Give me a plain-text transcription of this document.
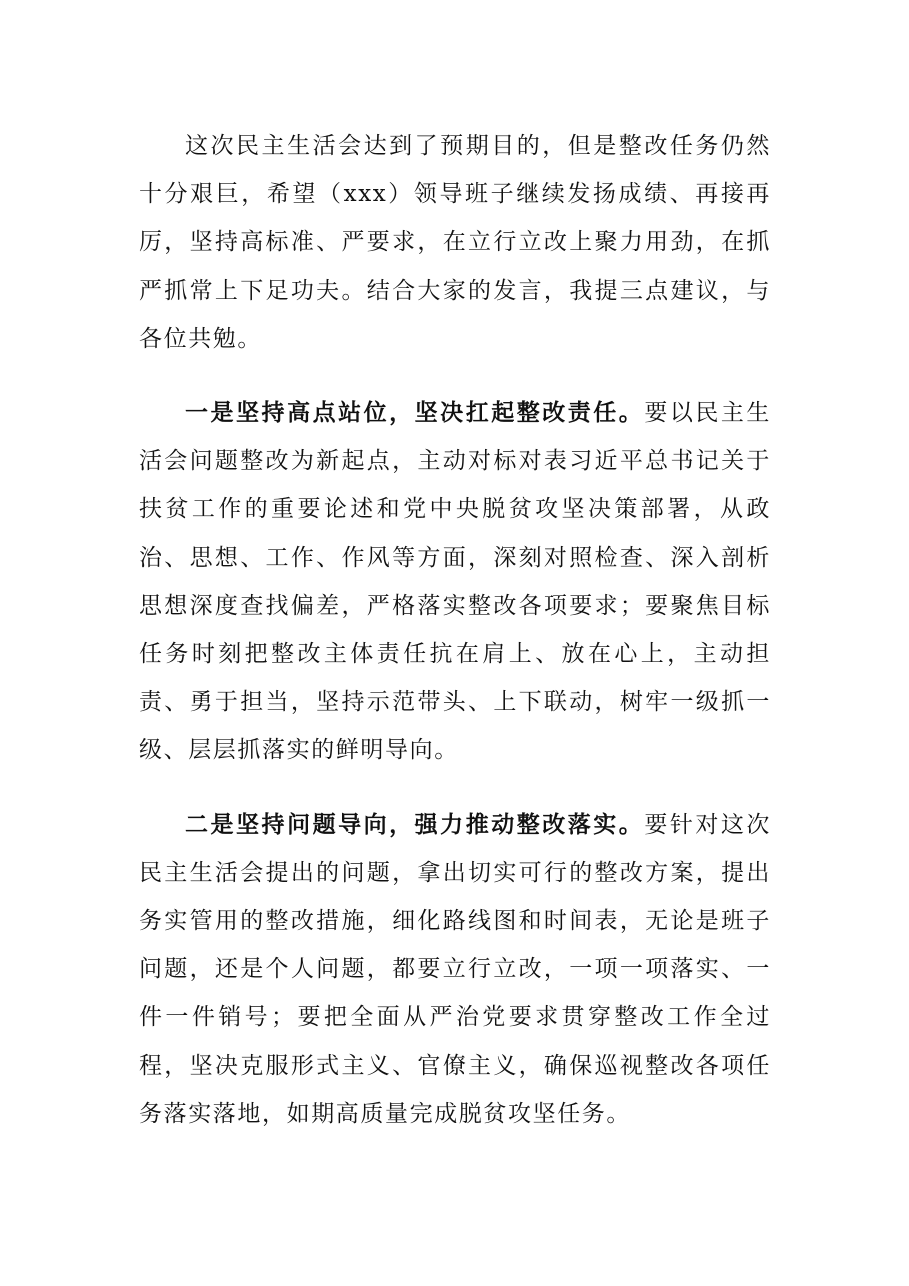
这次民主生活会达到了预期目的，但是整改任务仍然十分艰巨，希望（xxx）领导班子继续发扬成绩、再接再厉，坚持高标准、严要求，在立行立改上聚力用劲，在抓严抓常上下足功夫。结合大家的发言，我提三点建议，与各位共勉。

一是坚持高点站位，坚决扛起整改责任。要以民主生活会问题整改为新起点，主动对标对表习近平总书记关于扶贫工作的重要论述和党中央脱贫攻坚决策部署，从政治、思想、工作、作风等方面，深刻对照检查、深入剖析思想深度查找偏差，严格落实整改各项要求；要聚焦目标任务时刻把整改主体责任抗在肩上、放在心上，主动担责、勇于担当，坚持示范带头、上下联动，树牢一级抓一级、层层抓落实的鲜明导向。

二是坚持问题导向，强力推动整改落实。要针对这次民主生活会提出的问题，拿出切实可行的整改方案，提出务实管用的整改措施，细化路线图和时间表，无论是班子问题，还是个人问题，都要立行立改，一项一项落实、一件一件销号；要把全面从严治党要求贯穿整改工作全过程，坚决克服形式主义、官僚主义，确保巡视整改各项任务落实落地，如期高质量完成脱贫攻坚任务。
